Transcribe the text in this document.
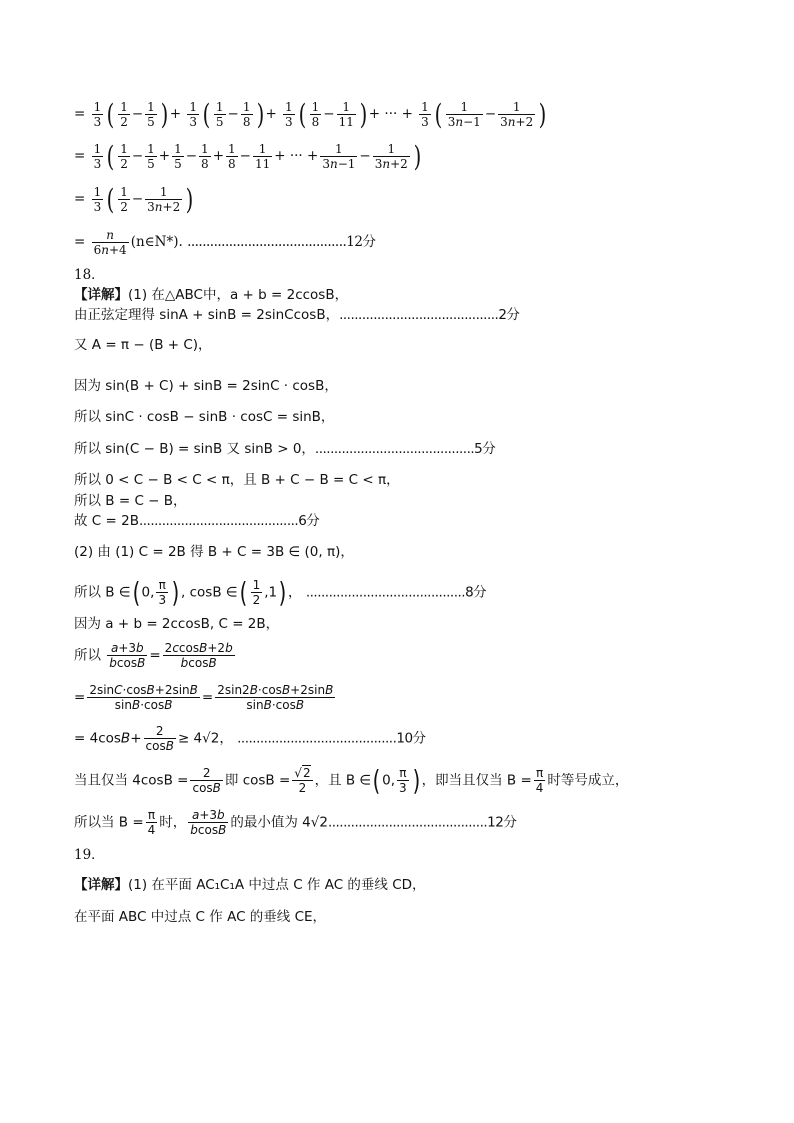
= $\frac{1}{3}$ ( $\frac{1}{2} - \frac{1}{5}$ ) + $\frac{1}{3}$ ( $\frac{1}{5} - \frac{1}{8}$ ) + $\frac{1}{3}$ ( $\frac{1}{8} - \frac{1}{11}$ ) + ··· + $\frac{1}{3}$ ( $\frac{1}{3n-1} - \frac{1}{3n+2}$ )
= $\frac{1}{3}$ ( $\frac{1}{2} - \frac{1}{5} + \frac{1}{5} - \frac{1}{8} + \frac{1}{8} - \frac{1}{11}$ + ··· + $\frac{1}{3n-1} - \frac{1}{3n+2}$ )
= $\frac{1}{3}$ ( $\frac{1}{2} - \frac{1}{3n+2}$ )
= $\frac{n}{6n+4}$ (n∈N*). ..........................................12分
18．
【详解】(1) 在△ABC中，a + b = 2ccosB，
由正弦定理得 sinA + sinB = 2sinCcosB，..........................................2分
又 A = π − (B + C)，
因为 sin(B + C) + sinB = 2sinC · cosB，
所以 sinC · cosB − sinB · cosC = sinB，
所以 sin(C − B) = sinB 又 sinB > 0，..........................................5分
所以 0 < C − B < C < π，且 B + C − B = C < π，
所以 B = C − B，
故 C = 2B..........................................6分
(2) 由 (1) C = 2B 得 B + C = 3B ∈ (0, π)，
所以 B ∈( 0, $\frac{\pi}{3}$ ) , cosB ∈( $\frac{1}{2} ,1$) ， ..........................................8分
因为 a + b = 2ccosB, C = 2B，
所以 $\frac{a+3b}{bcosB} = \frac{2ccosB+2b}{bcosB}$
= $\frac{2\sin C\cdot\cos B+2\sin B}{\sin B\cdot\cos B} = \frac{2\sin 2B\cdot\cos B+2\sin B}{\sin B\cdot\cos B}$
= $4\cos B+ \frac{2}{\cos B} \ge 4√2$， ..........................................10分
当且仅当 $4\cos B = \frac{2}{\cos B}$ 即 $\cos B = \frac{√2}{2}$ ，且 B ∈( 0, $\frac{\pi}{3}$ ) ，即当且仅当 $B = \frac{\pi}{4}$ 时等号成立，
所以当 $B = \frac{\pi}{4}$ 时， $\frac{a+3b}{bcosB}$ 的最小值为 4√2..........................................12分
19．
【详解】(1) 在平面 AC₁C₁A 中过点 C 作 AC 的垂线 CD，
在平面 ABC 中过点 C 作 AC 的垂线 CE，
